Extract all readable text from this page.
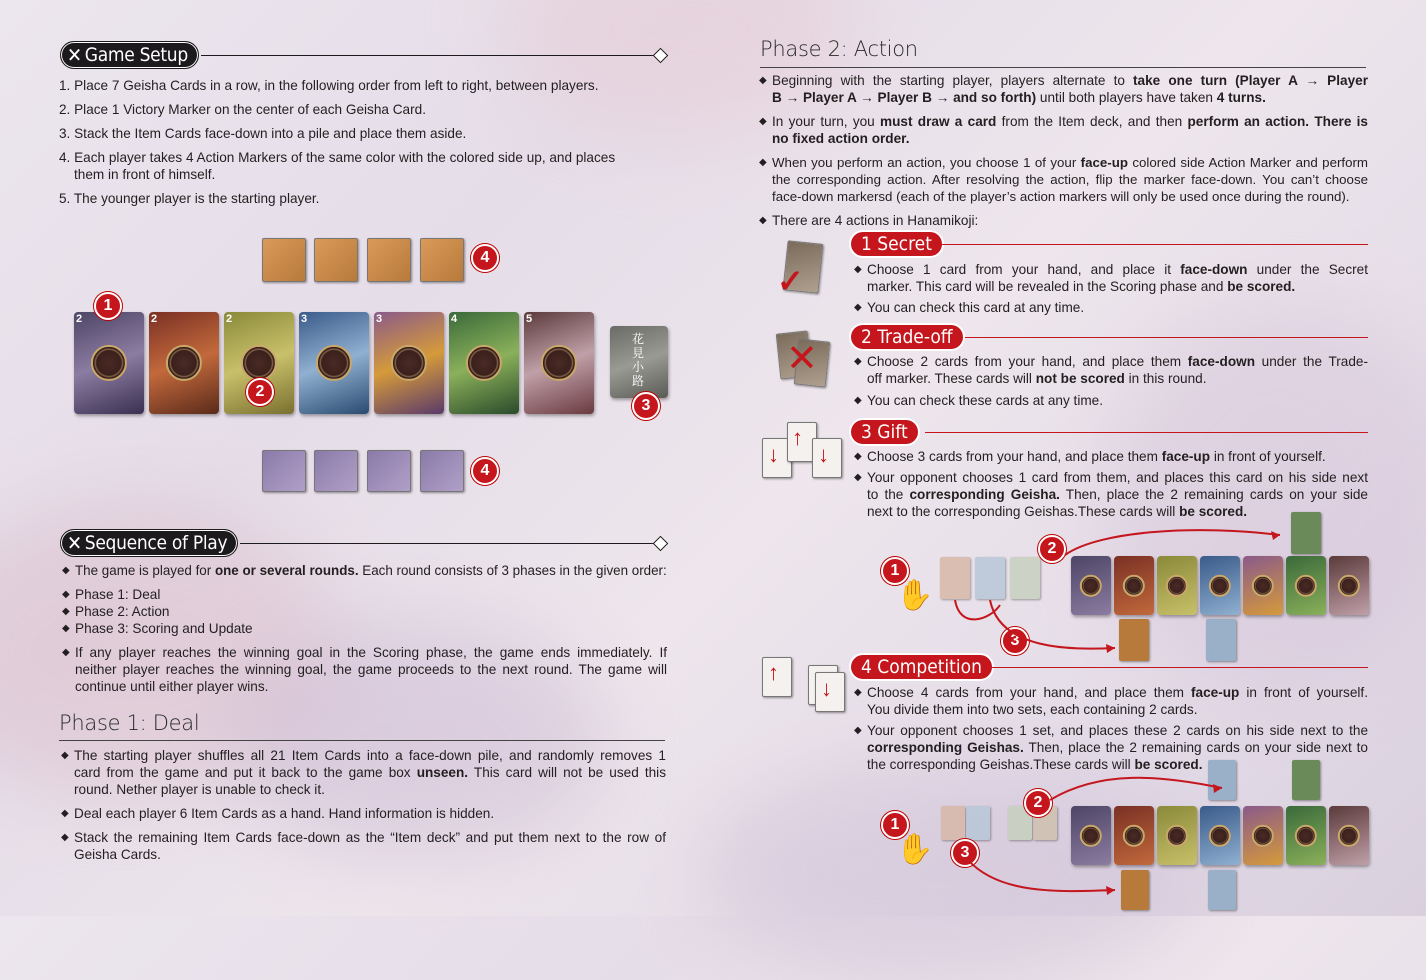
✕ Game Setup
1. Place 7 Geisha Cards in a row, in the following order from left to right, between players.
2. Place 1 Victory Marker on the center of each Geisha Card.
3. Stack the Item Cards face-down into a pile and place them aside.
4. Each player takes 4 Action Markers of the same color with the colored side up, and places
them in front of himself.
5. The younger player is the starting player.
4
2	2	2	3	3	4	5
1
2
花見小路
3
4
✕ Sequence of Play
◆ The game is played for one or several rounds. Each round consists of 3 phases in the given order:
◆ Phase 1: Deal
◆ Phase 2: Action
◆ Phase 3: Scoring and Update
◆ If any player reaches the winning goal in the Scoring phase, the game ends immediately. If
neither player reaches the winning goal, the game proceeds to the next round. The game will
continue until either player wins.
Phase 1: Deal
◆ The starting player shuffles all 21 Item Cards into a face-down pile, and randomly removes 1
card from the game and put it back to the game box unseen. This card will not be used this
round. Nether player is unable to check it.
◆ Deal each player 6 Item Cards as a hand. Hand information is hidden.
◆ Stack the remaining Item Cards face-down as the “Item deck” and put them next to the row of
Geisha Cards.
Phase 2: Action
◆ Beginning with the starting player, players alternate to take one turn (Player A → Player
B → Player A → Player B → and so forth) until both players have taken 4 turns.
◆ In your turn, you must draw a card from the Item deck, and then perform an action. There is
no fixed action order.
◆ When you perform an action, you choose 1 of your face-up colored side Action Marker and perform
the corresponding action. After resolving the action, flip the marker face-down. You can’t choose
face-down markersd (each of the player’s action markers will only be used once during the round).
◆ There are 4 actions in Hanamikoji:
✓
1 Secret
◆ Choose 1 card from your hand, and place it face-down under the Secret
marker. This card will be revealed in the Scoring phase and be scored.
◆ You can check this card at any time.
✕
2 Trade-off
◆ Choose 2 cards from your hand, and place them face-down under the Trade-
off marker. These cards will not be scored in this round.
◆ You can check these cards at any time.
↓
↑
↓
3 Gift
◆ Choose 3 cards from your hand, and place them face-up in front of yourself.
◆ Your opponent chooses 1 card from them, and places this card on his side next
to the corresponding Geisha. Then, place the 2 remaining cards on your side
next to the corresponding Geishas.These cards will be scored.
1
✋
2
3
↑
↓
4 Competition
◆ Choose 4 cards from your hand, and place them face-up in front of yourself.
You divide them into two sets, each containing 2 cards.
◆ Your opponent chooses 1 set, and places these 2 cards on his side next to the
corresponding Geishas. Then, place the 2 remaining cards on your side next to
the corresponding Geishas.These cards will be scored.
1
✋
2
3
